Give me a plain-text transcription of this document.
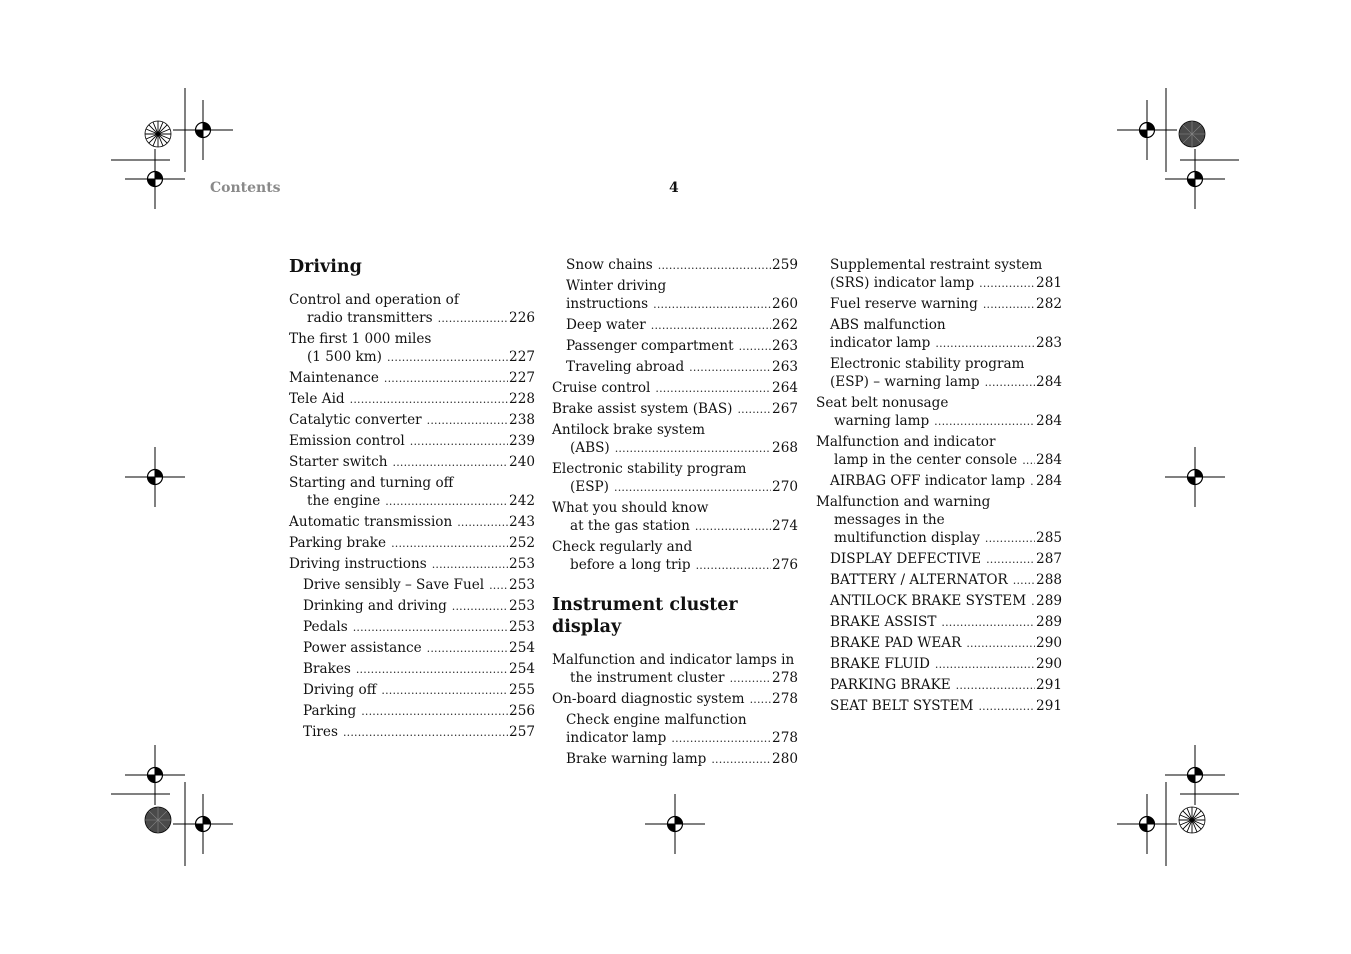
Contents	4
Driving
Control and operation of
radio transmitters .....	226
The first 1 000 miles
(1 500 km) .....	227
Maintenance .....	227
Tele Aid .....	228
Catalytic converter .....	238
Emission control .....	239
Starter switch .....	240
Starting and turning off
the engine .....	242
Automatic transmission .....	243
Parking brake .....	252
Driving instructions .....	253
Drive sensibly – Save Fuel ..... 253
Drinking and driving .....	253
Pedals .....	253
Power assistance .....	254
Brakes .....	254
Driving off .....	255
Parking .....	256
Tires .....	257
Snow chains .....	259
Winter driving
instructions .....	260
Deep water .....	262
Passenger compartment .....	263
Traveling abroad .....	263
Cruise control .....	264
Brake assist system (BAS) .....	267
Antilock brake system
(ABS) .....	268
Electronic stability program
(ESP) .....	270
What you should know
at the gas station .....	274
Check regularly and
before a long trip .....	276
Instrument cluster display
Malfunction and indicator lamps in
the instrument cluster .....	278
On-board diagnostic system ..... 278
Check engine malfunction
indicator lamp .....	278
Brake warning lamp .....	280
Supplemental restraint system
(SRS) indicator lamp .....	281
Fuel reserve warning .....	282
ABS malfunction
indicator lamp .....	283
Electronic stability program
(ESP) – warning lamp .....	284
Seat belt nonusage
warning lamp .....	284
Malfunction and indicator
lamp in the center console ..... 284
AIRBAG OFF indicator lamp ..... 284
Malfunction and warning
messages in the
multifunction display .....	285
DISPLAY DEFECTIVE .....	287
BATTERY / ALTERNATOR ..... 288
ANTILOCK BRAKE SYSTEM ..... 289
BRAKE ASSIST .....	289
BRAKE PAD WEAR .....	290
BRAKE FLUID .....	290
PARKING BRAKE .....	291
SEAT BELT SYSTEM .....	291
